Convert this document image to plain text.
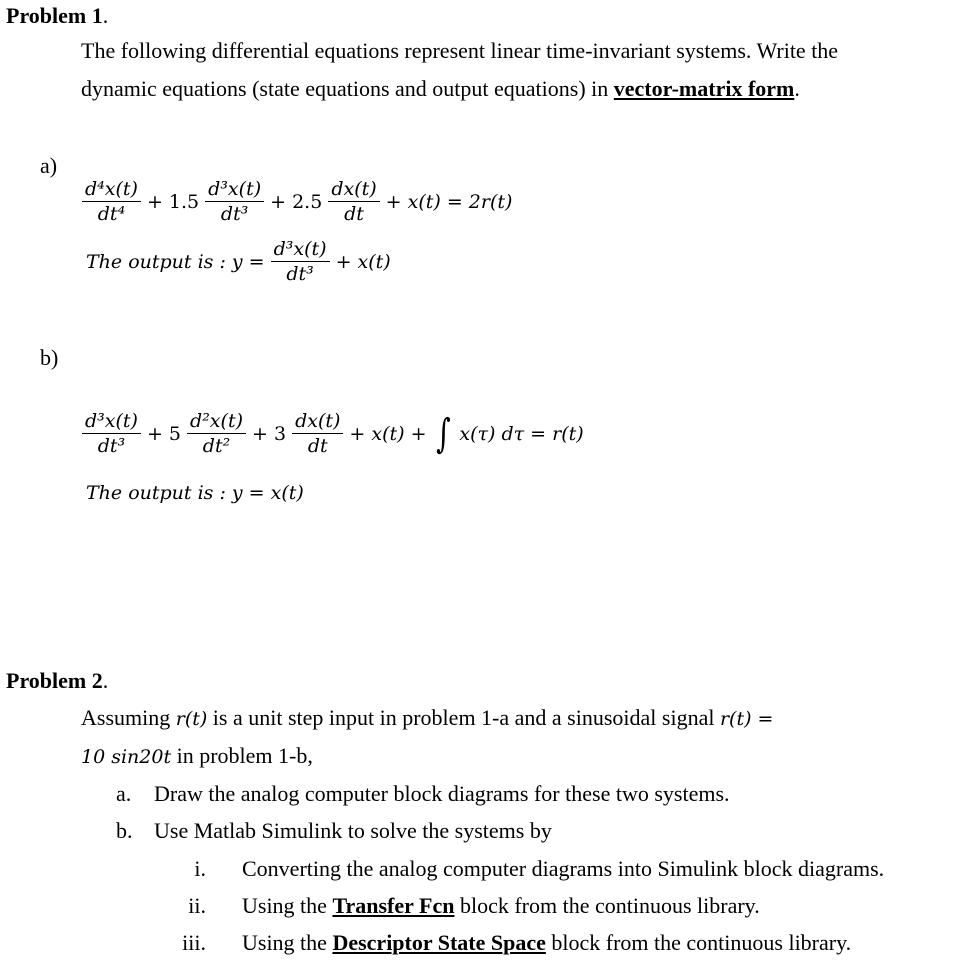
Problem 1.
The following differential equations represent linear time-invariant systems. Write the
dynamic equations (state equations and output equations) in vector-matrix form.
a)
$\frac{\text{d⁴x(t)}}{\text{dt⁴}} + 1.5 \frac{\text{d³x(t)}}{\text{dt³}} + 2.5 \frac{dx(t)}{dt} + x(t) = 2r(t)$
The output is : $y = \frac{\text{d³x(t)}}{\text{dt³}} + x(t)$
b)
$\frac{\text{d³x(t)}}{\text{dt³}} + 5 \frac{\text{d²x(t)}}{\text{dt²}} + 3 \frac{dx(t)}{dt} + x(t)$ + ∫ x(τ) dτ = r(t)
The output is : y = x(t)
Problem 2.
Assuming r(t) is a unit step input in problem 1-a and a sinusoidal signal r(t) =
10 sin20t in problem 1-b,
a. Draw the analog computer block diagrams for these two systems.
b. Use Matlab Simulink to solve the systems by
i. Converting the analog computer diagrams into Simulink block diagrams.
ii. Using the Transfer Fcn block from the continuous library.
iii. Using the Descriptor State Space block from the continuous library.
